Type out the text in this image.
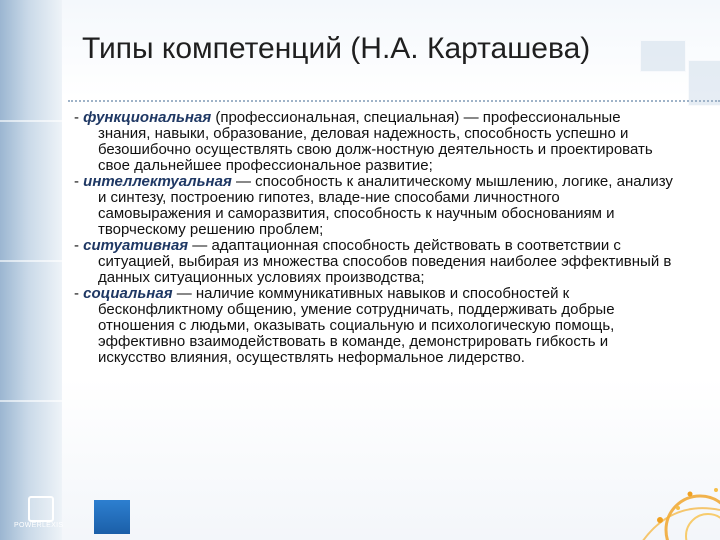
Типы компетенций (Н.А. Карташева)

- функциональная (профессиональная, специальная) — профессиональные знания, навыки, образование, деловая надежность, способность успешно и безошибочно осуществлять свою долж-ностную деятельность и проектировать свое дальнейшее профессиональное развитие;

- интеллектуальная — способность к аналитическому мышлению, логике, анализу и синтезу, построению гипотез, владе-ние способами личностного самовыражения и саморазвития, способность к научным обоснованиям и творческому решению проблем;

- ситуативная — адаптационная способность действовать в соответствии с ситуацией, выбирая из множества способов поведения наиболее эффективный в данных ситуационных условиях производства;

- социальная — наличие коммуникативных навыков и способностей к бесконфликтному общению, умение сотрудничать, поддерживать добрые отношения с людьми, оказывать социальную и психологическую помощь, эффективно взаимодействовать в команде, демонстрировать гибкость и искусство влияния, осуществлять неформальное лидерство.

POWERLEXIS
